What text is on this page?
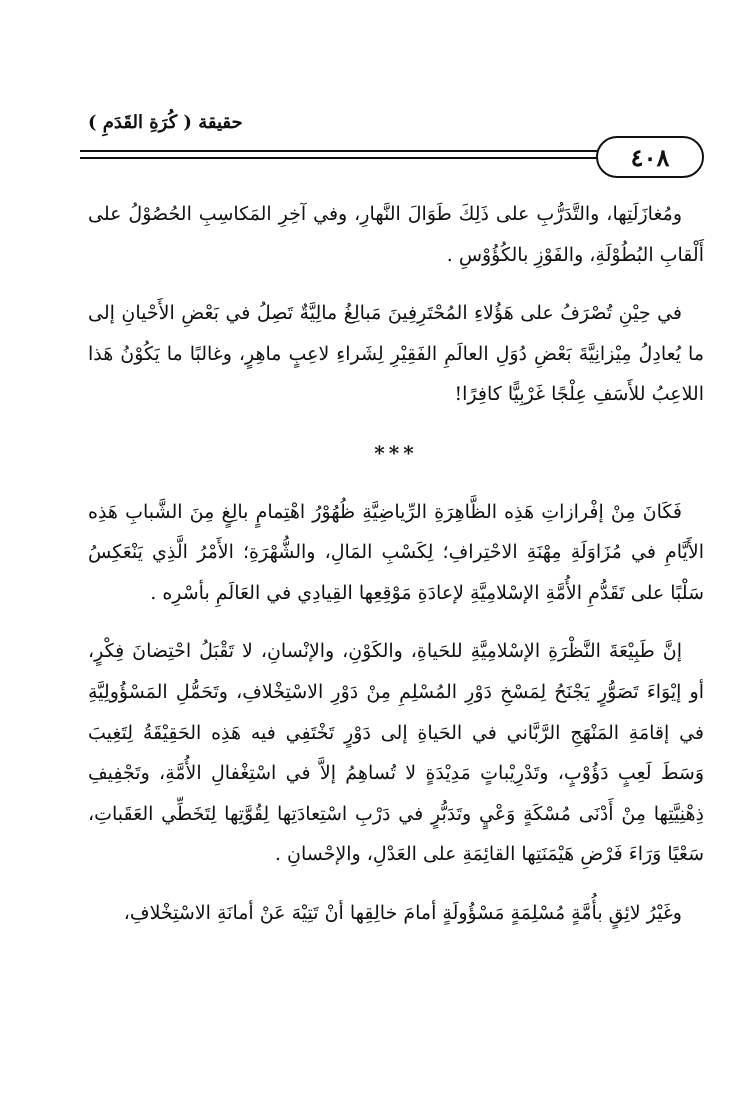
٤٠٨
حقيقة ( كُرَةِ القَدَمِ )

ومُغازَلَتِها، والتَّدَرُّبِ على ذَلِكَ طَوَالَ النَّهارِ، وفي آخِرِ المَكاسِبِ الحُصُوْلُ على أَلْقابِ البُطُوْلَةِ، والفَوْزِ بالكُؤُوْسِ .

في حِيْنِ تُصْرَفُ على هَؤُلاءِ المُحْتَرِفِينَ مَبالِغُ مالِيَّةٌ تَصِلُ في بَعْضِ الأَحْيانِ إلى ما يُعادِلُ مِيْزانِيَّةَ بَعْضِ دُوَلِ العالَمِ الفَقِيْرِ لِشَراءِ لاعِبٍ ماهِرٍ، وغالبًا ما يَكُوْنُ هَذا اللاعِبُ للأَسَفِ عِلْجًا غَرْبِيًّا كافِرًا!

***

فَكَانَ مِنْ إفْرازاتِ هَذِه الظَّاهِرَةِ الرِّياضِيَّةِ ظُهُوْرُ اهْتِمامٍ بالِغٍ مِنَ الشَّبابِ هَذِه الأَيَّامِ في مُزَاوَلَةِ مِهْنَةِ الاحْتِرافِ؛ لِكَسْبِ المَالِ، والشُّهْرَةِ؛ الأَمْرُ الَّذِي يَنْعَكِسُ سَلْبًا على تَقَدُّمِ الأُمَّةِ الإسْلامِيَّةِ لإعادَةِ مَوْقِعِها القِيادِي في العَالَمِ بأسْرِه .

إنَّ طَبِيْعَةَ النَّظْرَةِ الإسْلامِيَّةِ للحَياةِ، والكَوْنِ، والإنْسانِ، لا تَقْبَلُ احْتِضانَ فِكْرٍ، أو إيْوَاءَ تَصَوُّرٍ يَجْنَحُ لِمَسْخِ دَوْرِ المُسْلِمِ مِنْ دَوْرِ الاسْتِخْلافِ، وتَحَمُّلِ المَسْؤُولِيَّةِ في إقامَةِ المَنْهَجِ الرَّبَّاني في الحَياةِ إلى دَوْرٍ تَخْتَفِي فيه هَذِه الحَقِيْقَةُ لِتَغِيبَ وَسَطَ لَعِبٍ دَؤُوْبٍ، وتَدْرِيْباتٍ مَدِيْدَةٍ لا تُساهِمُ إلاَّ في اسْتِغْفالِ الأُمَّةِ، وتَجْفِيفِ ذِهْنِيَّتِها مِنْ أَدْنَى مُسْكَةٍ وَعْيٍ وتَدَبُّرٍ في دَرْبِ اسْتِعادَتِها لِقُوَّتِها لِتَخَطِّي العَقَباتِ، سَعْيًا وَرَاءَ فَرْضِ هَيْمَنَتِها القائِمَةِ على العَدْلِ، والإحْسانِ .

وغَيْرُ لائِقٍ بأُمَّةٍ مُسْلِمَةٍ مَسْؤُولَةٍ أمامَ خالِقِها أنْ تَتِيْهَ عَنْ أمانَةِ الاسْتِخْلافِ،
